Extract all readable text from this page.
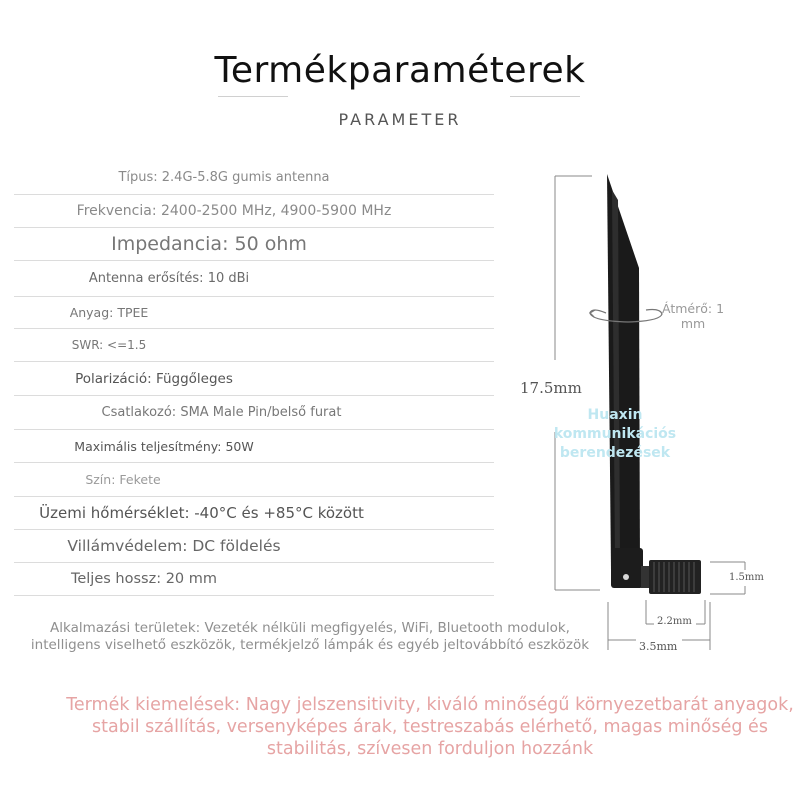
Termékparaméterek
PARAMETER
Típus: 2.4G-5.8G gumis antenna
Frekvencia: 2400-2500 MHz, 4900-5900 MHz
Impedancia: 50 ohm
Antenna erősítés: 10 dBi
Anyag: TPEE
SWR: <=1.5
Polarizáció: Függőleges
Csatlakozó: SMA Male Pin/belső furat
Maximális teljesítmény: 50W
Szín: Fekete
Üzemi hőmérséklet: -40°C és +85°C között
Villámvédelem: DC földelés
Teljes hossz: 20 mm
Alkalmazási területek: Vezeték nélküli megfigyelés, WiFi, Bluetooth modulok,
intelligens viselhető eszközök, termékjelző lámpák és egyéb jeltovábbító eszközök
Termék kiemelések: Nagy jelszensitivity, kiváló minőségű környezetbarát anyagok,
stabil szállítás, versenyképes árak, testreszabás elérhető, magas minőség és
stabilitás, szívesen forduljon hozzánk
17.5mm
Átmérő: 1
mm
Huaxin
kommunikációs
berendezések
1.5mm
2.2mm
3.5mm
